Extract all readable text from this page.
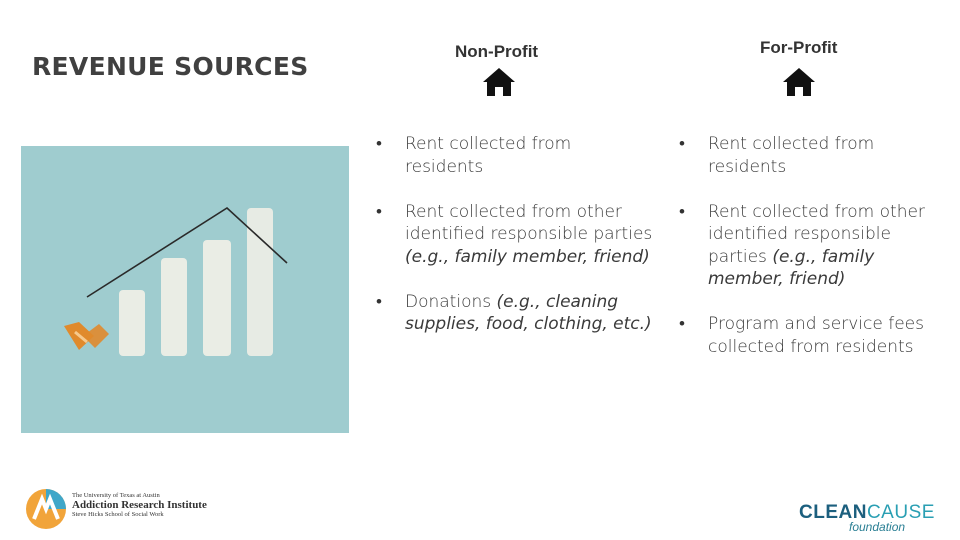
REVENUE SOURCES
Non-Profit	For-Profit
• Rent collected from residents
• Rent collected from other identified responsible parties (e.g., family member, friend)
• Donations (e.g., cleaning supplies, food, clothing, etc.)
• Rent collected from residents
• Rent collected from other identified responsible parties (e.g., family member, friend)
• Program and service fees collected from residents
The University of Texas at Austin
Addiction Research Institute
Steve Hicks School of Social Work	CLEANCAUSE
foundation
